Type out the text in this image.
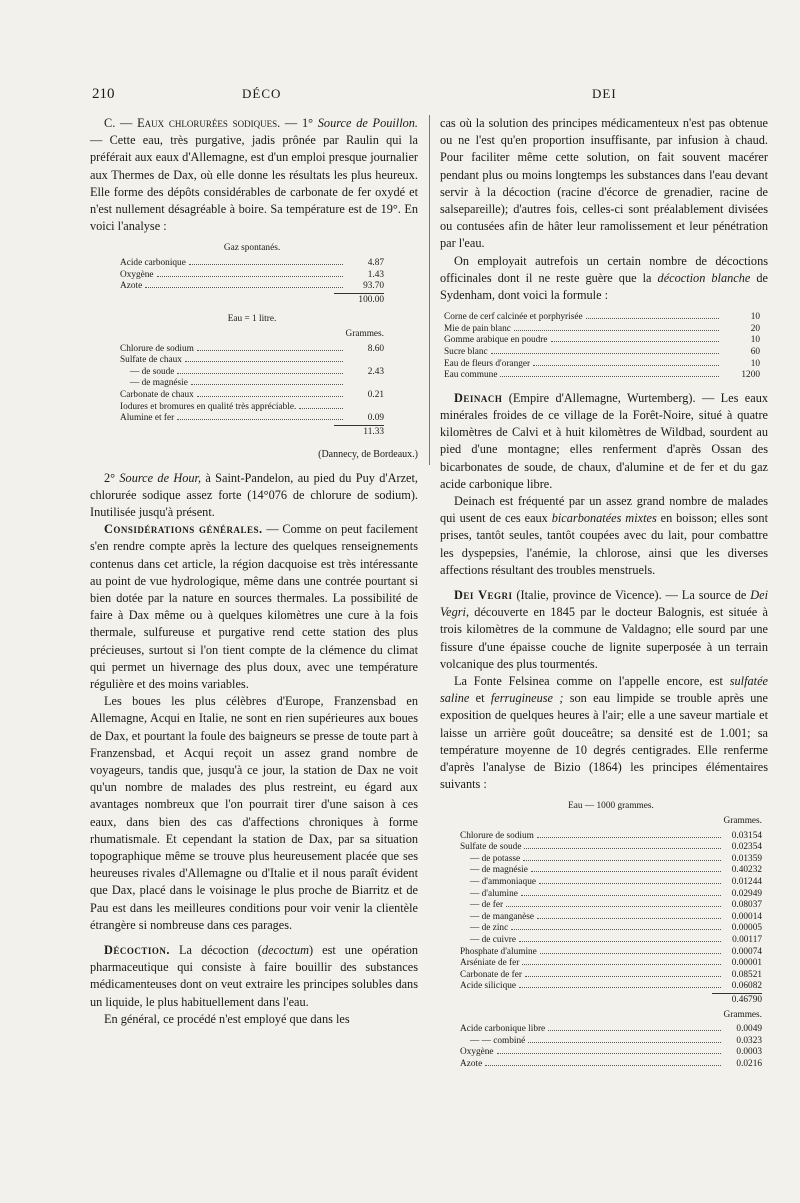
210	DÉCO	DEI

C. — Eaux chlorurées sodiques. — 1° Source de Pouillon. — Cette eau, très purgative, jadis prônée par Raulin qui la préférait aux eaux d'Allemagne, est d'un emploi presque journalier aux Thermes de Dax, où elle donne les résultats les plus heureux. Elle forme des dépôts considérables de carbonate de fer oxydé et n'est nullement désagréable à boire. Sa température est de 19°. En voici l'analyse :

Gaz spontanés.
Acide carbonique	4.87
Oxygène	1.43
Azote	93.70
100.00
Eau = 1 litre.
Grammes.
Chlorure de sodium	8.60
Sulfate de chaux
— de soude	2.43
— de magnésie
Carbonate de chaux	0.21
Iodures et bromures en qualité très appréciable.
Alumine et fer	0.09
11.33
(Dannecy, de Bordeaux.)

2° Source de Hour, à Saint-Pandelon, au pied du Puy d'Arzet, chlorurée sodique assez forte (14°076 de chlorure de sodium). Inutilisée jusqu'à présent.

Considérations générales. — Comme on peut facilement s'en rendre compte après la lecture des quelques renseignements contenus dans cet article, la région dacquoise est très intéressante au point de vue hydrologique, même dans une contrée pourtant si bien dotée par la nature en sources thermales. La possibilité de faire à Dax même ou à quelques kilomètres une cure à la fois thermale, sulfureuse et purgative rend cette station des plus précieuses, surtout si l'on tient compte de la clémence du climat qui permet un hivernage des plus doux, avec une température régulière et des moins variables.

Les boues les plus célèbres d'Europe, Franzensbad en Allemagne, Acqui en Italie, ne sont en rien supérieures aux boues de Dax, et pourtant la foule des baigneurs se presse de toute part à Franzensbad, et Acqui reçoit un assez grand nombre de voyageurs, tandis que, jusqu'à ce jour, la station de Dax ne voit qu'un nombre de malades des plus restreint, eu égard aux avantages nombreux que l'on pourrait tirer d'une saison à ces eaux, dans bien des cas d'affections chroniques à forme rhumatismale. Et cependant la station de Dax, par sa situation topographique même se trouve plus heureusement placée que ses heureuses rivales d'Allemagne ou d'Italie et il nous paraît évident que Dax, placé dans le voisinage le plus proche de Biarritz et de Pau est dans les meilleures conditions pour voir venir la clientèle étrangère si nombreuse dans ces parages.

Décoction. La décoction (decoctum) est une opération pharmaceutique qui consiste à faire bouillir des substances médicamenteuses dont on veut extraire les principes solubles dans un liquide, le plus habituellement dans l'eau.

En général, ce procédé n'est employé que dans les

cas où la solution des principes médicamenteux n'est pas obtenue ou ne l'est qu'en proportion insuffisante, par infusion à chaud. Pour faciliter même cette solution, on fait souvent macérer pendant plus ou moins longtemps les substances dans l'eau devant servir à la décoction (racine d'écorce de grenadier, racine de salsepareille); d'autres fois, celles-ci sont préalablement divisées ou contusées afin de hâter leur ramolissement et leur pénétration par l'eau.

On employait autrefois un certain nombre de décoctions officinales dont il ne reste guère que la décoction blanche de Sydenham, dont voici la formule :

Corne de cerf calcinée et porphyrisée	10
Mie de pain blanc	20
Gomme arabique en poudre	10
Sucre blanc	60
Eau de fleurs d'oranger	10
Eau commune	1200

Deinach (Empire d'Allemagne, Wurtemberg). — Les eaux minérales froides de ce village de la Forêt-Noire, situé à quatre kilomètres de Calvi et à huit kilomètres de Wildbad, sourdent au pied d'une montagne; elles renferment d'après Ossan des bicarbonates de soude, de chaux, d'alumine et de fer et du gaz acide carbonique libre.

Deinach est fréquenté par un assez grand nombre de malades qui usent de ces eaux bicarbonatées mixtes en boisson; elles sont prises, tantôt seules, tantôt coupées avec du lait, pour combattre les dyspepsies, l'anémie, la chlorose, ainsi que les diverses affections résultant des troubles menstruels.

Dei Vegri (Italie, province de Vicence). — La source de Dei Vegri, découverte en 1845 par le docteur Balognis, est située à trois kilomètres de la commune de Valdagno; elle sourd par une fissure d'une épaisse couche de lignite superposée à un terrain volcanique des plus tourmentés.

La Fonte Felsinea comme on l'appelle encore, est sulfatée saline et ferrugineuse ; son eau limpide se trouble après une exposition de quelques heures à l'air; elle a une saveur martiale et laisse un arrière goût douceâtre; sa densité est de 1.001; sa température moyenne de 10 degrés centigrades. Elle renferme d'après l'analyse de Bizio (1864) les principes élémentaires suivants :

Eau — 1000 grammes.
Grammes.
Chlorure de sodium	0.03154
Sulfate de soude	0.02354
— de potasse	0.01359
— de magnésie	0.40232
— d'ammoniaque	0.01244
— d'alumine	0.02949
— de fer	0.08037
— de manganèse	0.00014
— de zinc	0.00005
— de cuivre	0.00117
Phosphate d'alumine	0.00074
Arséniate de fer	0.00001
Carbonate de fer	0.08521
Acide silicique	0.06082
0.46790
Grammes.
Acide carbonique libre	0.0049
— — combiné	0.0323
Oxygène	0.0003
Azote	0.0216
